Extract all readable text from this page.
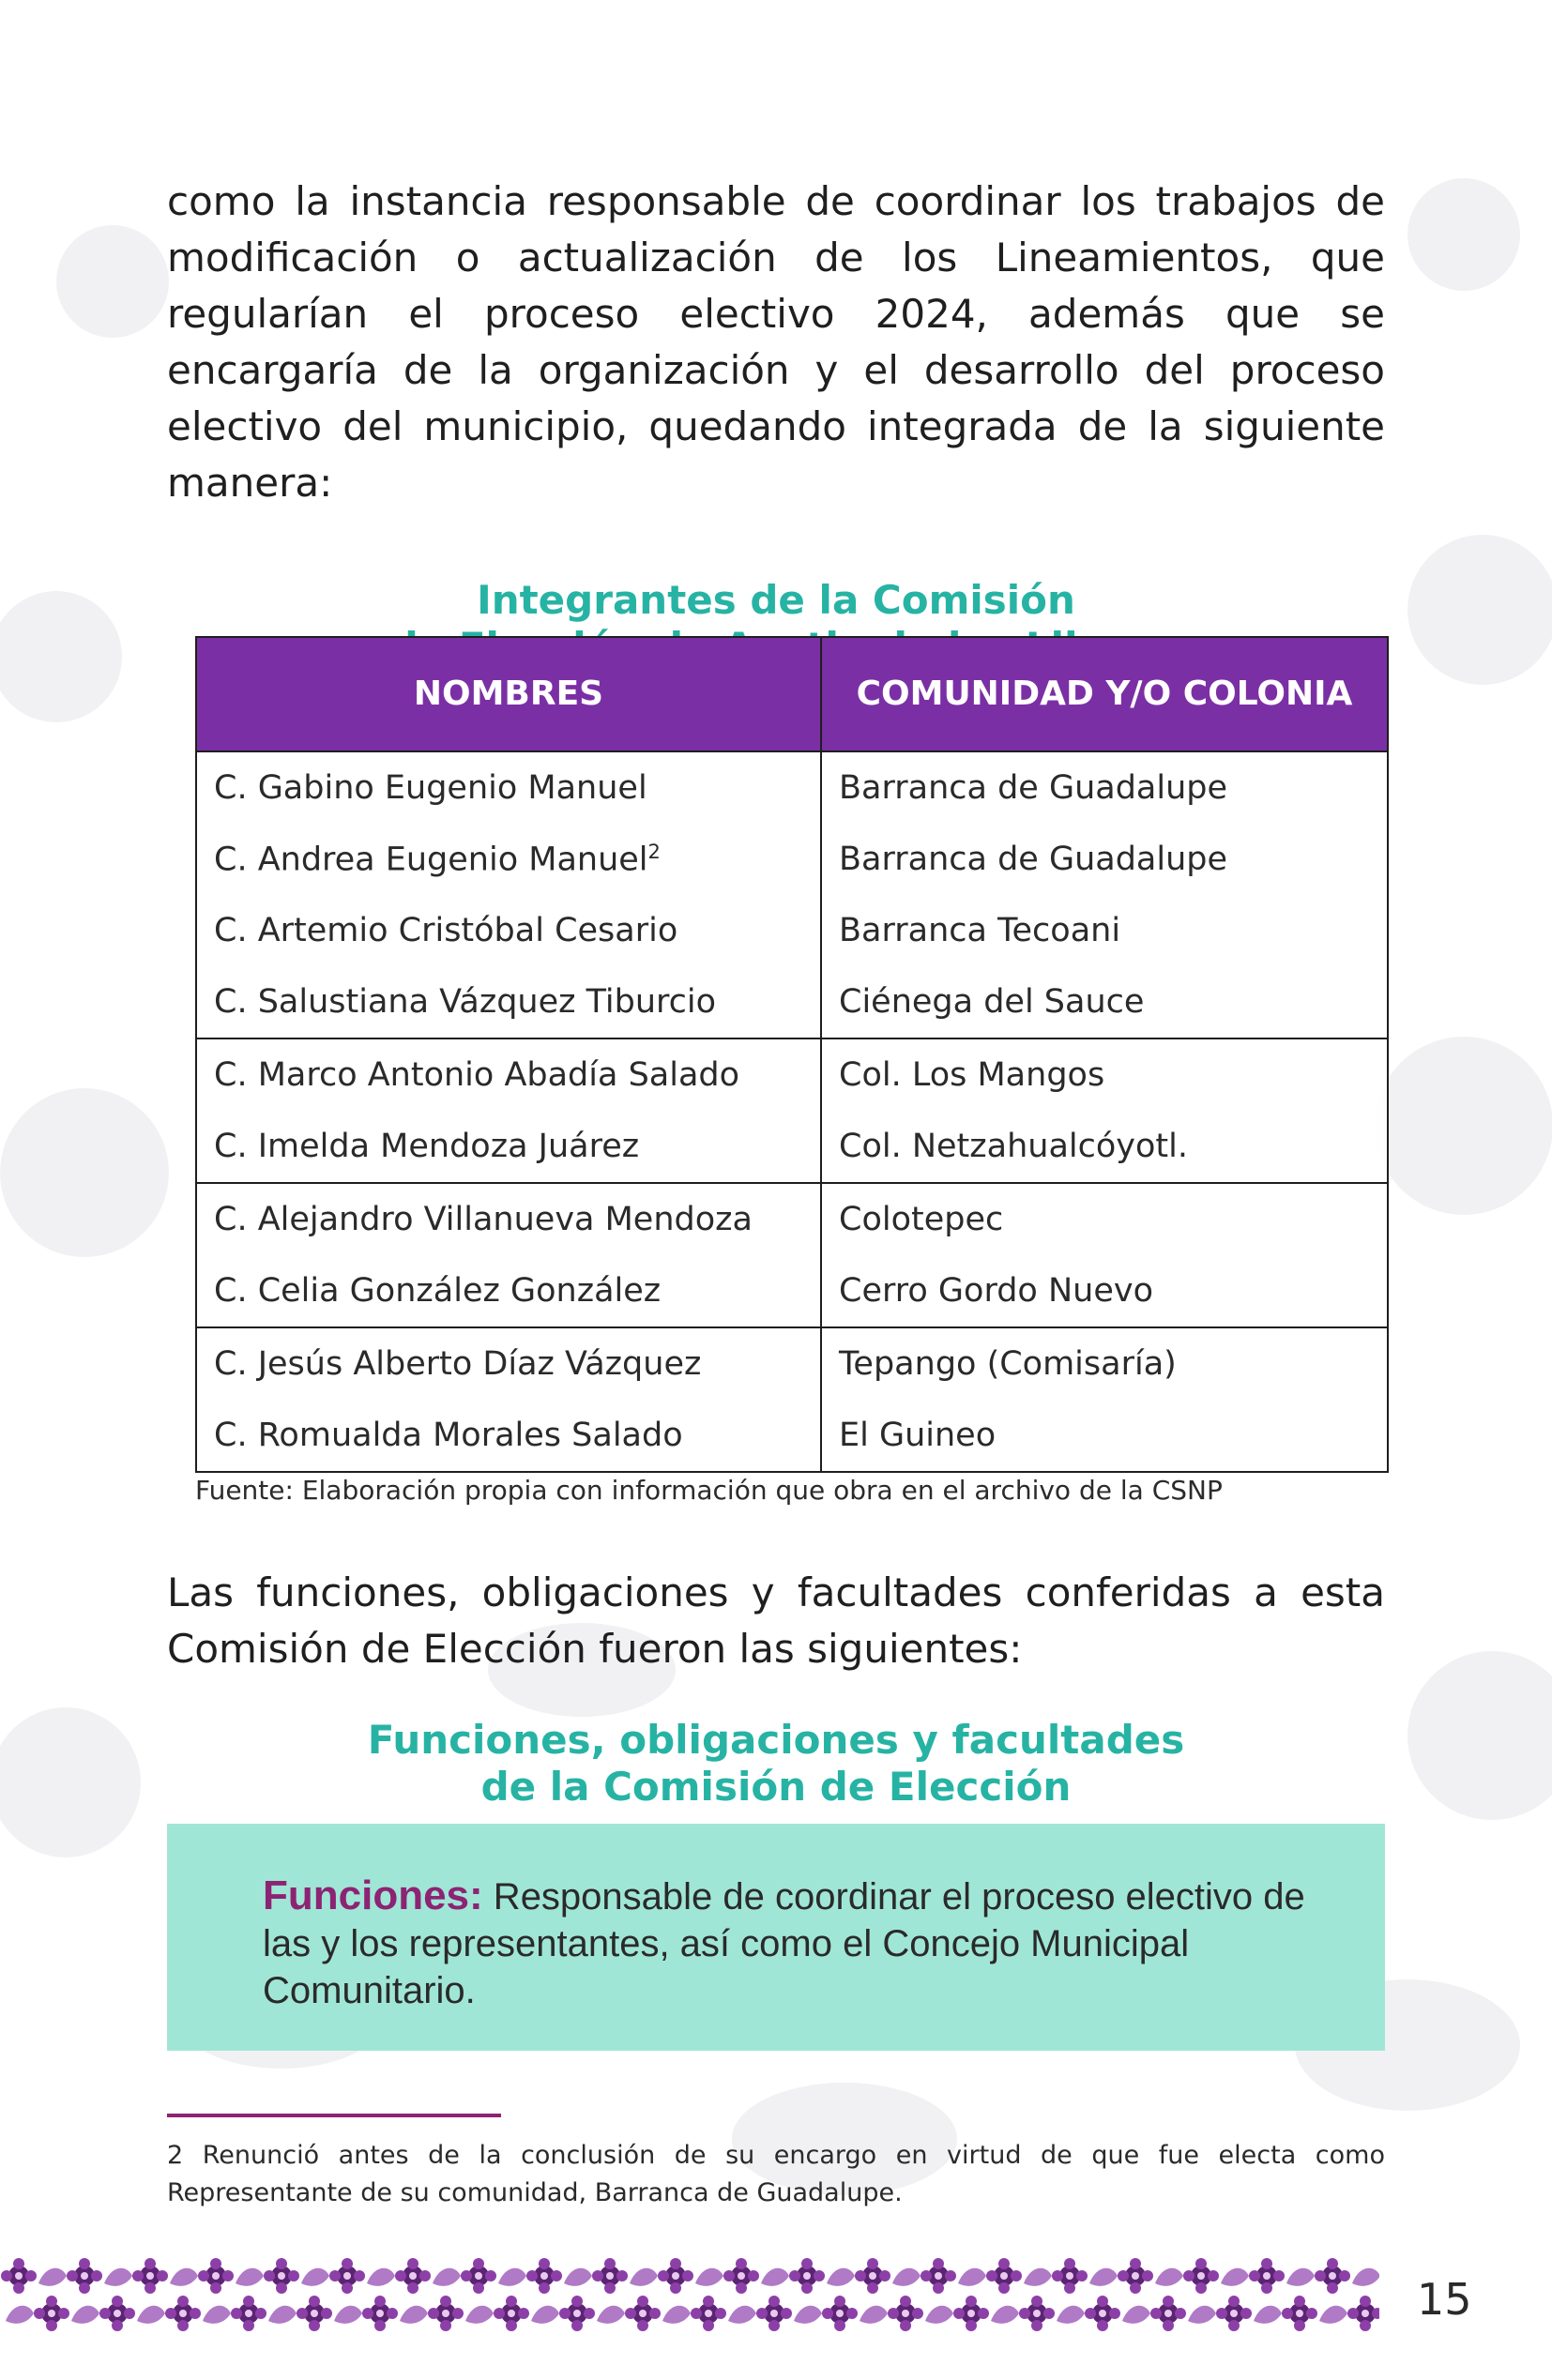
como la instancia responsable de coordinar los trabajos de modificación o actualización de los Lineamientos, que regularían el proceso electivo 2024, además que se encargaría de la organización y el desarrollo del proceso electivo del municipio, quedando integrada de la siguiente manera:

Integrantes de la Comisión

NOMBRES	COMUNIDAD Y/O COLONIA
C. Gabino Eugenio Manuel	Barranca de Guadalupe
C. Andrea Eugenio Manuel$^2$	Barranca de Guadalupe
C. Artemio Cristóbal Cesario	Barranca Tecoani
C. Salustiana Vázquez Tiburcio	Ciénega del Sauce
C. Marco Antonio Abadía Salado	Col. Los Mangos
C. Imelda Mendoza Juárez	Col. Netzahualcóyotl.
C. Alejandro Villanueva Mendoza	Colotepec
C. Celia González González	Cerro Gordo Nuevo
C. Jesús Alberto Díaz Vázquez	Tepango (Comisaría)
C. Romualda Morales Salado	El Guineo
Fuente: Elaboración propia con información que obra en el archivo de la CSNP

Las funciones, obligaciones y facultades conferidas a esta Comisión de Elección fueron las siguientes:

Funciones, obligaciones y facultades

de la Comisión de Elección

Funciones: Responsable de coordinar el proceso electivo de las y los representantes, así como el Concejo Municipal Comunitario.

2 Renunció antes de la conclusión de su encargo en virtud de que fue electa como Representante de su comunidad, Barranca de Guadalupe.
15
